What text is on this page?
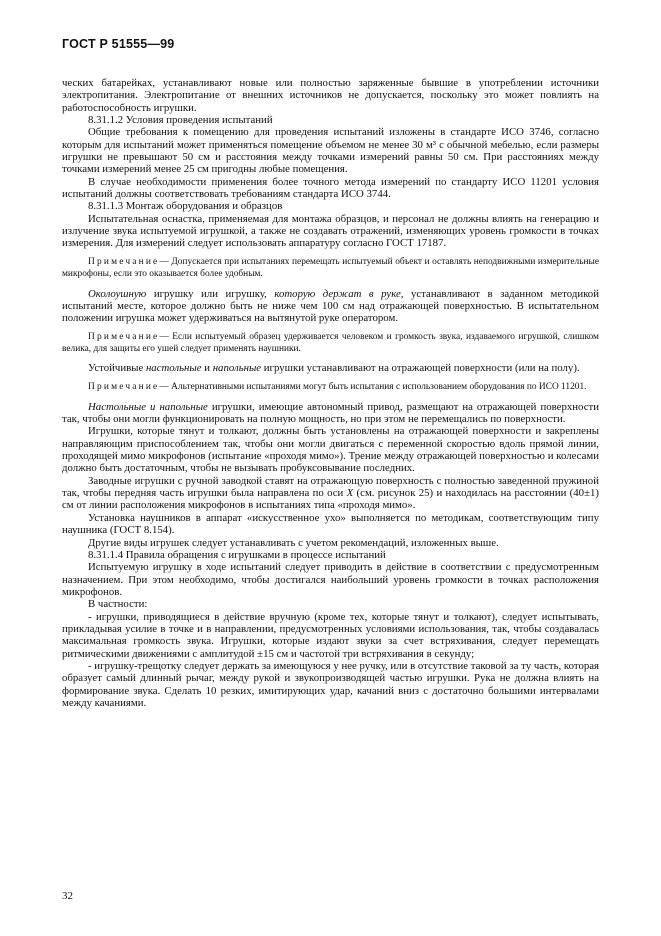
ГОСТ Р 51555—99

ческих батарейках, устанавливают новые или полностью заряженные бывшие в употреблении источники электропитания. Электропитание от внешних источников не допускается, поскольку это может повлиять на работоспособность игрушки.

8.31.1.2 Условия проведения испытаний

Общие требования к помещению для проведения испытаний изложены в стандарте ИСО 3746, согласно которым для испытаний может применяться помещение объемом не менее 30 м³ с обычной мебелью, если размеры игрушки не превышают 50 см и расстояния между точками измерений равны 50 см. При расстояниях между точками измерений менее 25 см пригодны любые помещения.

В случае необходимости применения более точного метода измерений по стандарту ИСО 11201 условия испытаний должны соответствовать требованиям стандарта ИСО 3744.

8.31.1.3 Монтаж оборудования и образцов

Испытательная оснастка, применяемая для монтажа образцов, и персонал не должны влиять на генерацию и излучение звука испытуемой игрушкой, а также не создавать отражений, изменяющих уровень громкости в точках измерения. Для измерений следует использовать аппаратуру согласно ГОСТ 17187.

Примечание— Допускается при испытаниях перемещать испытуемый объект и оставлять неподвижными измерительные микрофоны, если это оказывается более удобным.

Околоушную игрушку или игрушку, которую держат в руке, устанавливают в заданном методикой испытаний месте, которое должно быть не ниже чем 100 см над отражающей поверхностью. В испытательном положении игрушка может удерживаться на вытянутой руке оператором.

Примечание— Если испытуемый образец удерживается человеком и громкость звука, издаваемого игрушкой, слишком велика, для защиты его ушей следует применять наушники.

Устойчивые настольные и напольные игрушки устанавливают на отражающей поверхности (или на полу).

Примечание— Альтернативными испытаниями могут быть испытания с использованием оборудования по ИСО 11201.

Настольные и напольные игрушки, имеющие автономный привод, размещают на отражающей поверхности так, чтобы они могли функционировать на полную мощность, но при этом не перемещались по поверхности.

Игрушки, которые тянут и толкают, должны быть установлены на отражающей поверхности и закреплены направляющим приспособлением так, чтобы они могли двигаться с переменной скоростью вдоль прямой линии, проходящей мимо микрофонов (испытание «проходя мимо»). Трение между отражающей поверхностью и колесами должно быть достаточным, чтобы не вызывать пробуксовывание последних.

Заводные игрушки с ручной заводкой ставят на отражающую поверхность с полностью заведенной пружиной так, чтобы передняя часть игрушки была направлена по оси X (см. рисунок 25) и находилась на расстоянии (40±1) см от линии расположения микрофонов в испытаниях типа «проходя мимо».

Установка наушников в аппарат «искусственное ухо» выполняется по методикам, соответствующим типу наушника (ГОСТ 8.154).

Другие виды игрушек следует устанавливать с учетом рекомендаций, изложенных выше.

8.31.1.4 Правила обращения с игрушками в процессе испытаний

Испытуемую игрушку в ходе испытаний следует приводить в действие в соответствии с предусмотренным назначением. При этом необходимо, чтобы достигался наибольший уровень громкости в точках расположения микрофонов.

В частности:

- игрушки, приводящиеся в действие вручную (кроме тех, которые тянут и толкают), следует испытывать, прикладывая усилие в точке и в направлении, предусмотренных условиями использования, так, чтобы создавалась максимальная громкость звука. Игрушки, которые издают звуки за счет встряхивания, следует перемещать ритмическими движениями с амплитудой ±15 см и частотой три встряхивания в секунду;

- игрушку-трещотку следует держать за имеющуюся у нее ручку, или в отсутствие таковой за ту часть, которая образует самый длинный рычаг, между рукой и звукопроизводящей частью игрушки. Рука не должна влиять на формирование звука. Сделать 10 резких, имитирующих удар, качаний вниз с достаточно большими интервалами между качаниями.

32
